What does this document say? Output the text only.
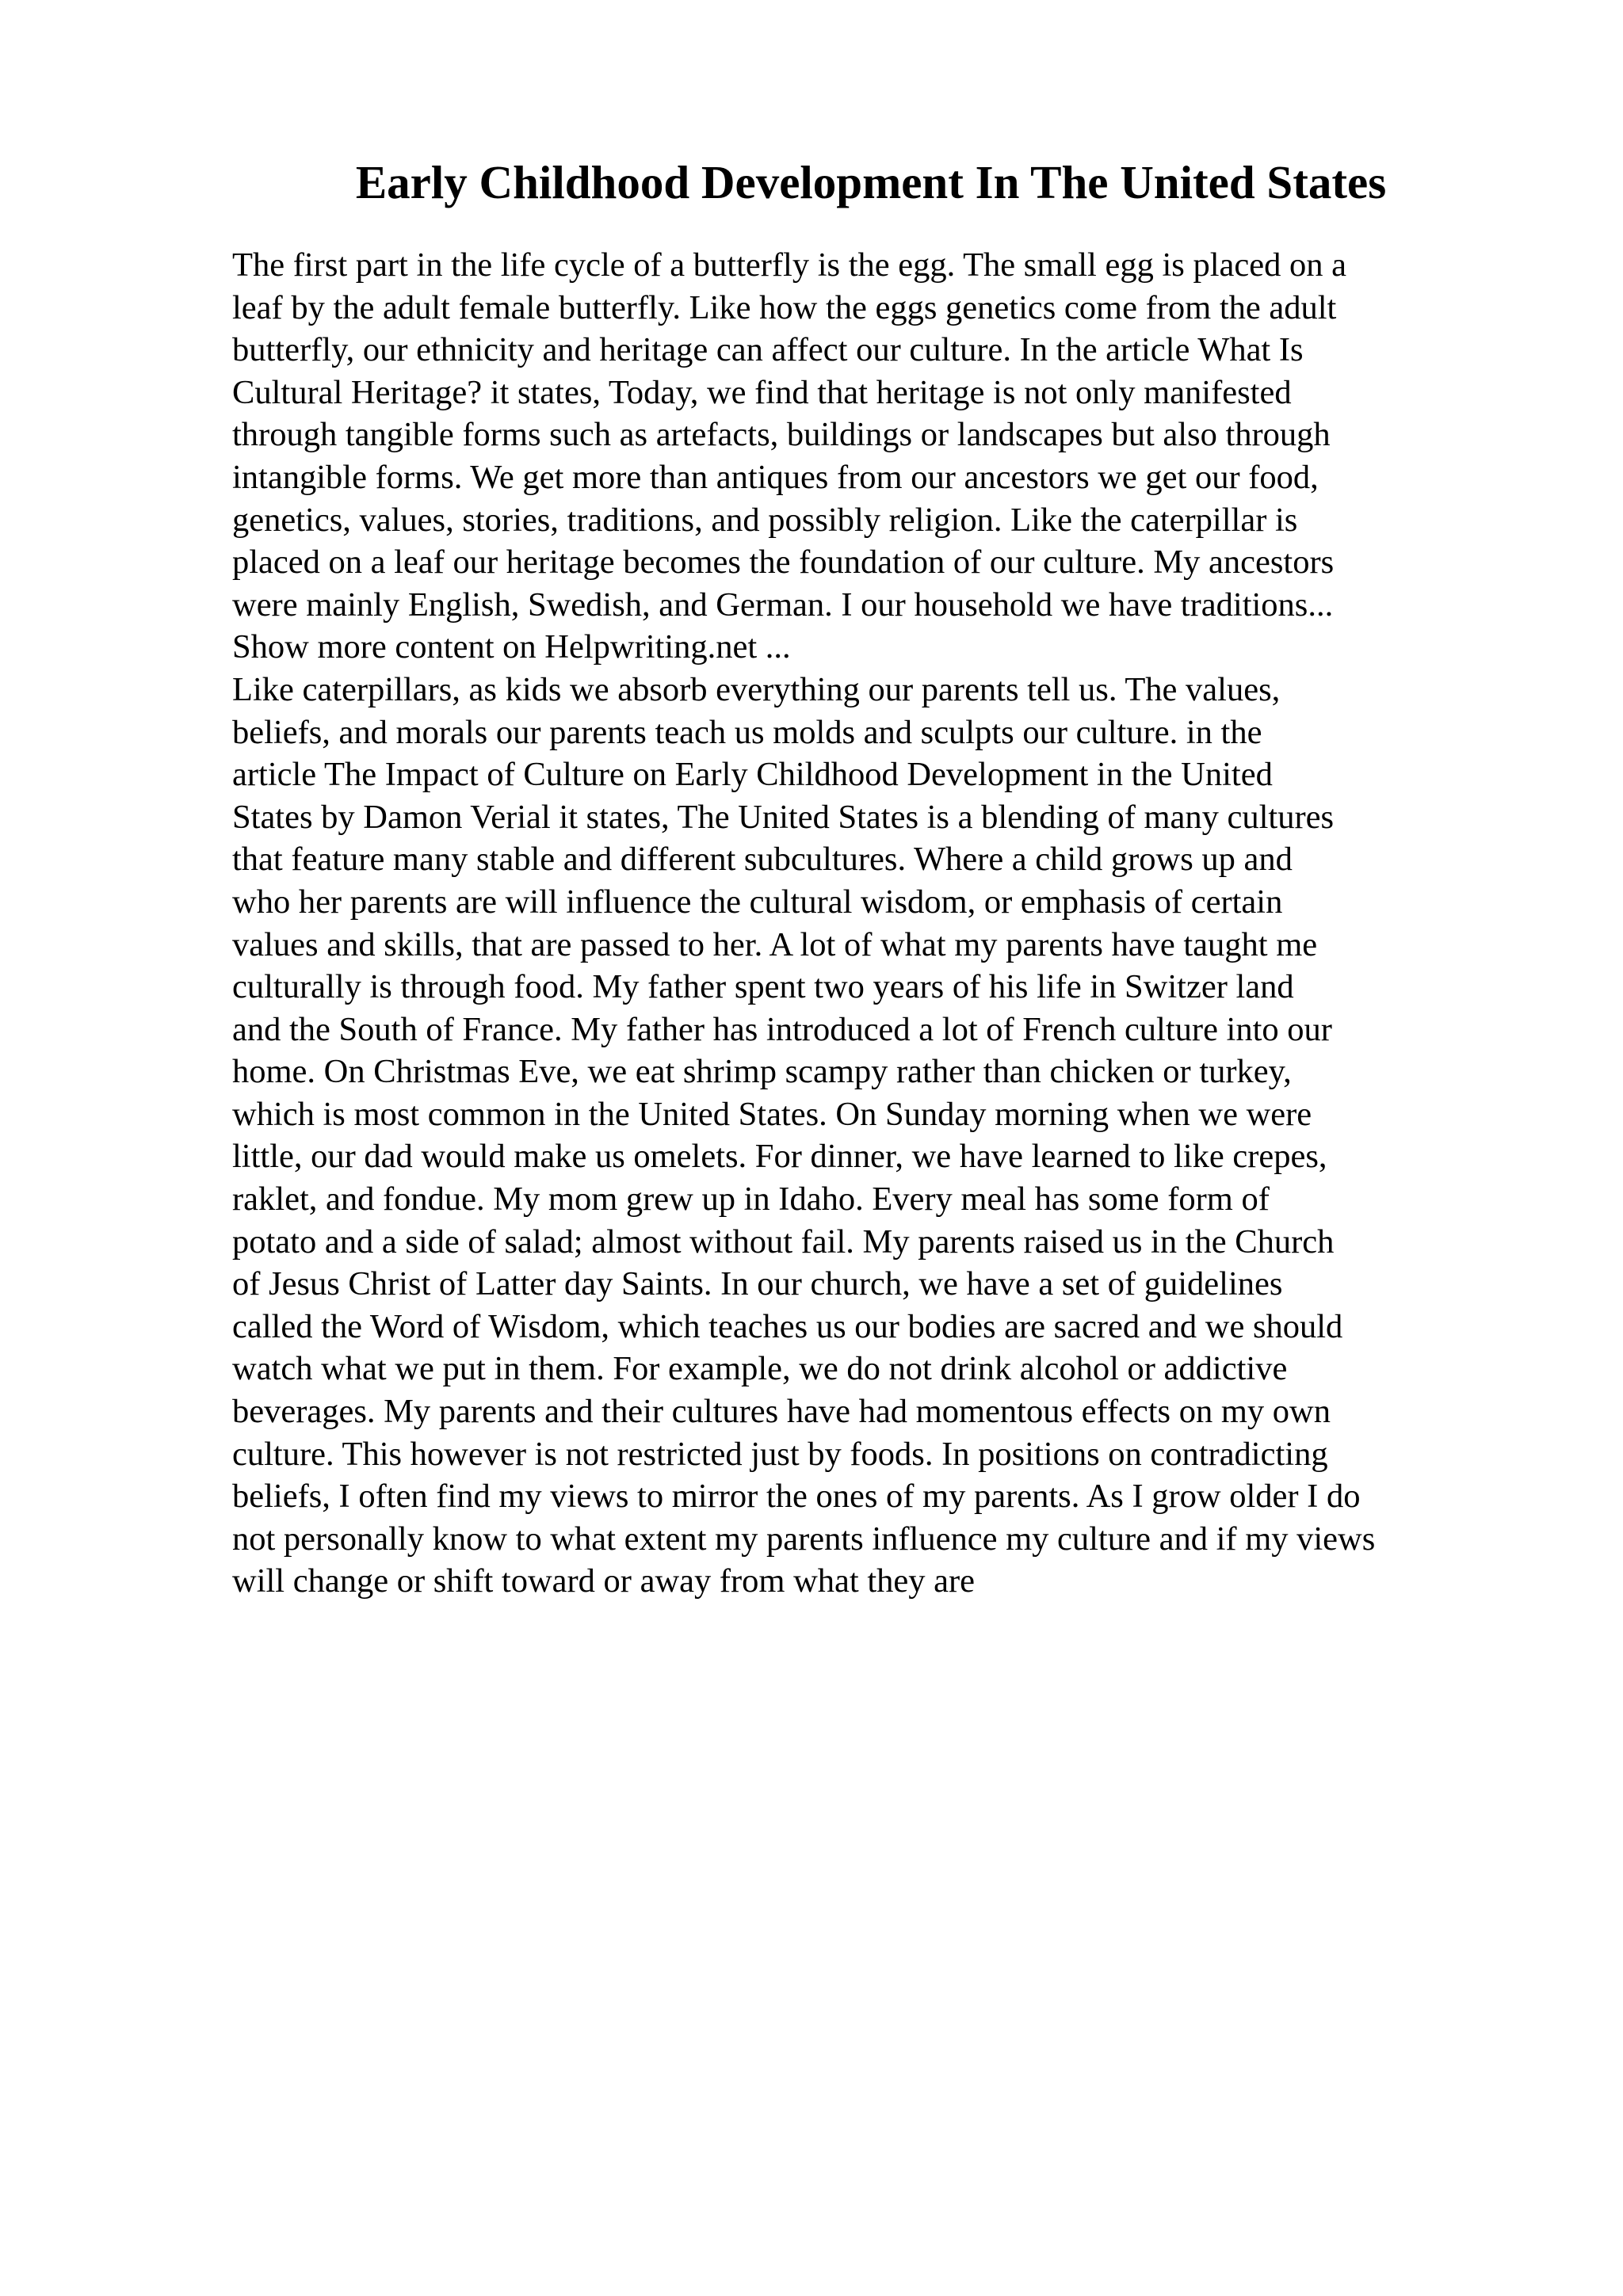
Early Childhood Development In The United States
The first part in the life cycle of a butterfly is the egg. The small egg is placed on a
leaf by the adult female butterfly. Like how the eggs genetics come from the adult
butterfly, our ethnicity and heritage can affect our culture. In the article What Is
Cultural Heritage? it states, Today, we find that heritage is not only manifested
through tangible forms such as artefacts, buildings or landscapes but also through
intangible forms. We get more than antiques from our ancestors we get our food,
genetics, values, stories, traditions, and possibly religion. Like the caterpillar is
placed on a leaf our heritage becomes the foundation of our culture. My ancestors
were mainly English, Swedish, and German. I our household we have traditions...
Show more content on Helpwriting.net ...
Like caterpillars, as kids we absorb everything our parents tell us. The values,
beliefs, and morals our parents teach us molds and sculpts our culture. in the
article The Impact of Culture on Early Childhood Development in the United
States by Damon Verial it states, The United States is a blending of many cultures
that feature many stable and different subcultures. Where a child grows up and
who her parents are will influence the cultural wisdom, or emphasis of certain
values and skills, that are passed to her. A lot of what my parents have taught me
culturally is through food. My father spent two years of his life in Switzer land
and the South of France. My father has introduced a lot of French culture into our
home. On Christmas Eve, we eat shrimp scampy rather than chicken or turkey,
which is most common in the United States. On Sunday morning when we were
little, our dad would make us omelets. For dinner, we have learned to like crepes,
raklet, and fondue. My mom grew up in Idaho. Every meal has some form of
potato and a side of salad; almost without fail. My parents raised us in the Church
of Jesus Christ of Latter day Saints. In our church, we have a set of guidelines
called the Word of Wisdom, which teaches us our bodies are sacred and we should
watch what we put in them. For example, we do not drink alcohol or addictive
beverages. My parents and their cultures have had momentous effects on my own
culture. This however is not restricted just by foods. In positions on contradicting
beliefs, I often find my views to mirror the ones of my parents. As I grow older I do
not personally know to what extent my parents influence my culture and if my views
will change or shift toward or away from what they are
